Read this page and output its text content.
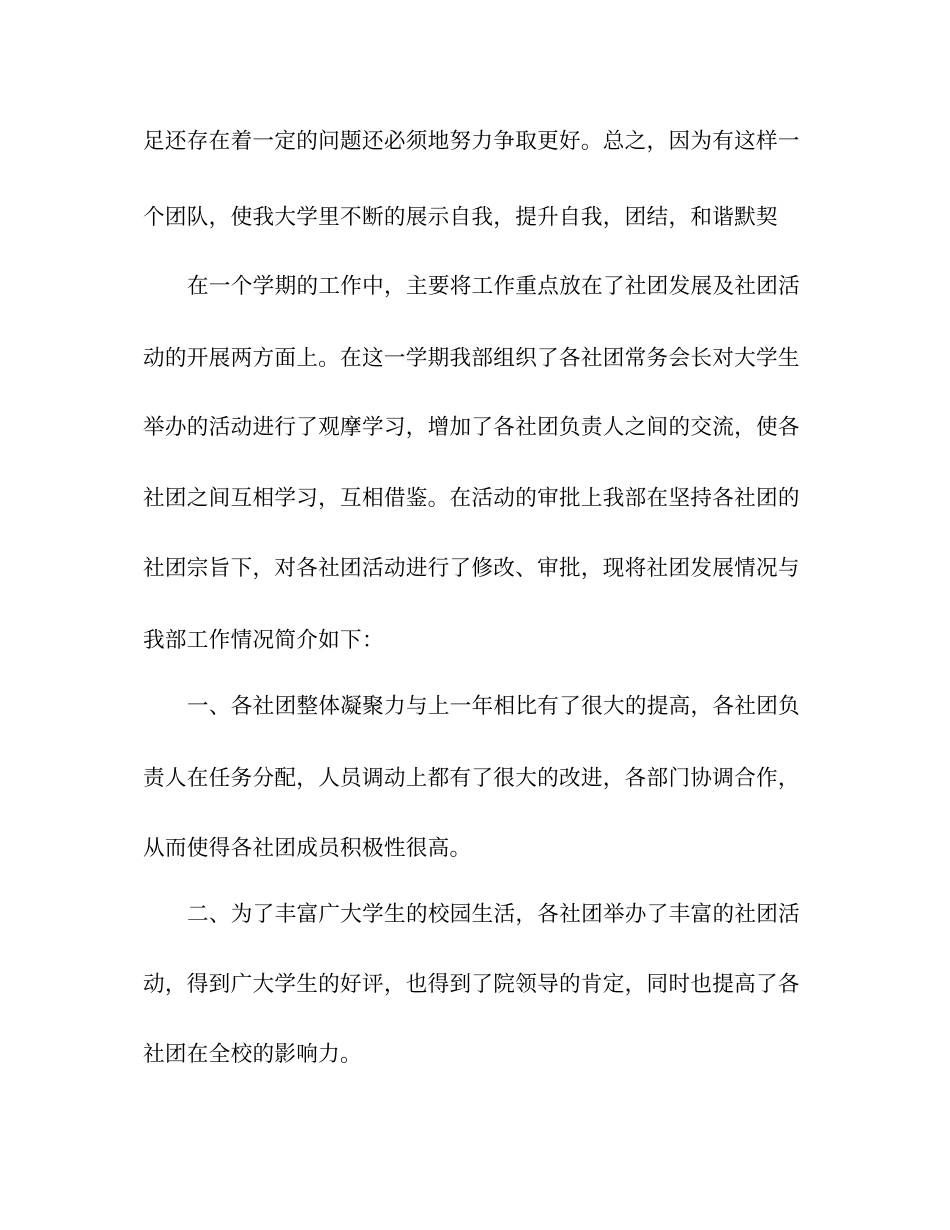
足还存在着一定的问题还必须地努力争取更好。总之，因为有这样一
个团队，使我大学里不断的展示自我，提升自我，团结，和谐默契
在一个学期的工作中，主要将工作重点放在了社团发展及社团活
动的开展两方面上。在这一学期我部组织了各社团常务会长对大学生
举办的活动进行了观摩学习，增加了各社团负责人之间的交流，使各
社团之间互相学习，互相借鉴。在活动的审批上我部在坚持各社团的
社团宗旨下，对各社团活动进行了修改、审批，现将社团发展情况与
我部工作情况简介如下：
一、各社团整体凝聚力与上一年相比有了很大的提高，各社团负
责人在任务分配，人员调动上都有了很大的改进，各部门协调合作，
从而使得各社团成员积极性很高。
二、为了丰富广大学生的校园生活，各社团举办了丰富的社团活
动，得到广大学生的好评，也得到了院领导的肯定，同时也提高了各
社团在全校的影响力。
